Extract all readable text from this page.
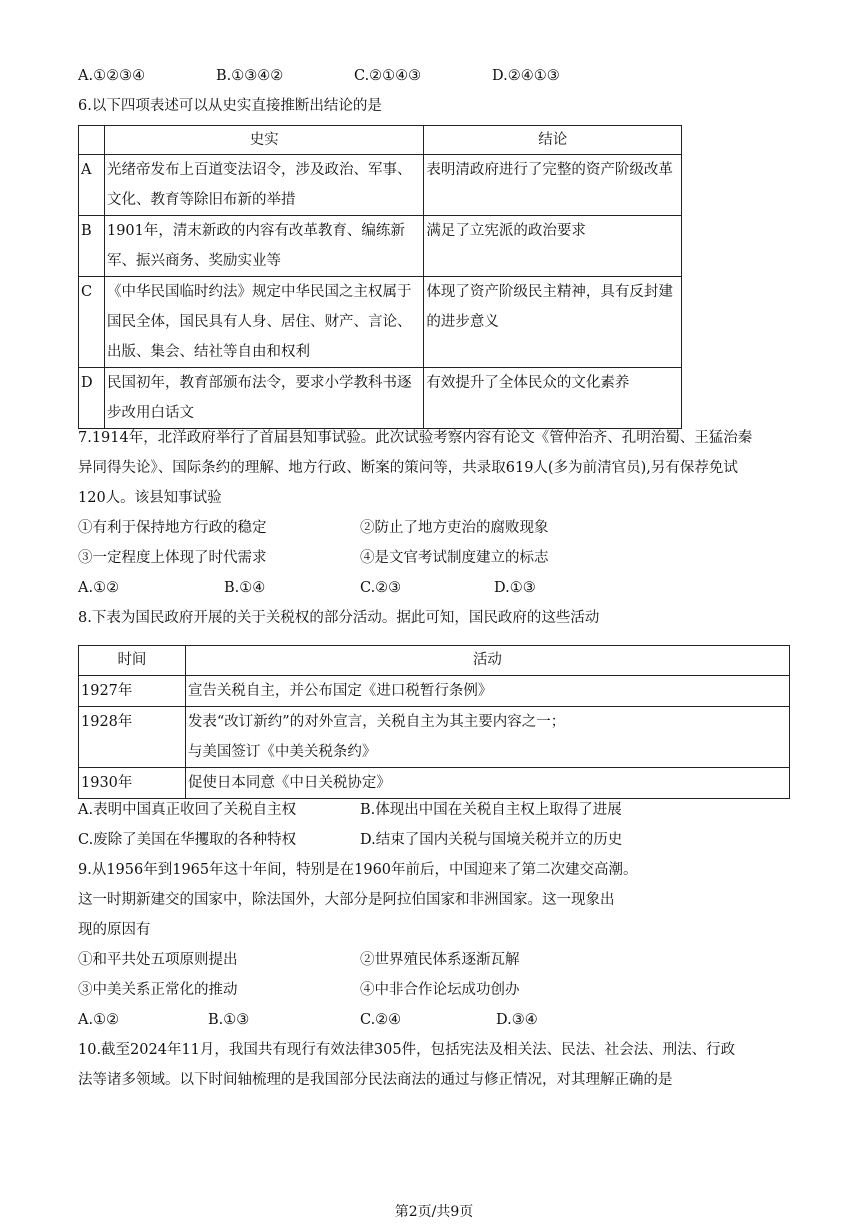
A.①②③④	B.①③④②	C.②①④③	D.②④①③
6.以下四项表述可以从史实直接推断出结论的是
	史实	结论
A	光绪帝发布上百道变法诏令，涉及政治、军事、文化、教育等除旧布新的举措	表明清政府进行了完整的资产阶级改革
B	1901年，清末新政的内容有改革教育、编练新军、振兴商务、奖励实业等	满足了立宪派的政治要求
C	《中华民国临时约法》规定中华民国之主权属于国民全体，国民具有人身、居住、财产、言论、出版、集会、结社等自由和权利	体现了资产阶级民主精神，具有反封建的进步意义
D	民国初年，教育部颁布法令，要求小学教科书逐步改用白话文	有效提升了全体民众的文化素养
7.1914年，北洋政府举行了首届县知事试验。此次试验考察内容有论文《管仲治齐、孔明治蜀、王猛治秦
异同得失论》、国际条约的理解、地方行政、断案的策问等，共录取619人(多为前清官员),另有保荐免试
120人。该县知事试验
①有利于保持地方行政的稳定	②防止了地方吏治的腐败现象
③一定程度上体现了时代需求	④是文官考试制度建立的标志
A.①②	B.①④	C.②③	D.①③
8.下表为国民政府开展的关于关税权的部分活动。据此可知，国民政府的这些活动
时间	活动
1927年	宣告关税自主，并公布国定《进口税暂行条例》

1928年	发表“改订新约”的对外宣言，关税自主为其主要内容之一；
与美国签订《中美关税条约》

1930年	促使日本同意《中日关税协定》
A.表明中国真正收回了关税自主权	B.体现出中国在关税自主权上取得了进展
C.废除了美国在华攫取的各种特权	D.结束了国内关税与国境关税并立的历史
9.从1956年到1965年这十年间，特别是在1960年前后，中国迎来了第二次建交高潮。
这一时期新建交的国家中，除法国外，大部分是阿拉伯国家和非洲国家。这一现象出
现的原因有
①和平共处五项原则提出	②世界殖民体系逐渐瓦解
③中美关系正常化的推动	④中非合作论坛成功创办
A.①②	B.①③	C.②④	D.③④
10.截至2024年11月，我国共有现行有效法律305件，包括宪法及相关法、民法、社会法、刑法、行政
法等诸多领域。以下时间轴梳理的是我国部分民法商法的通过与修正情况，对其理解正确的是
第2页/共9页
